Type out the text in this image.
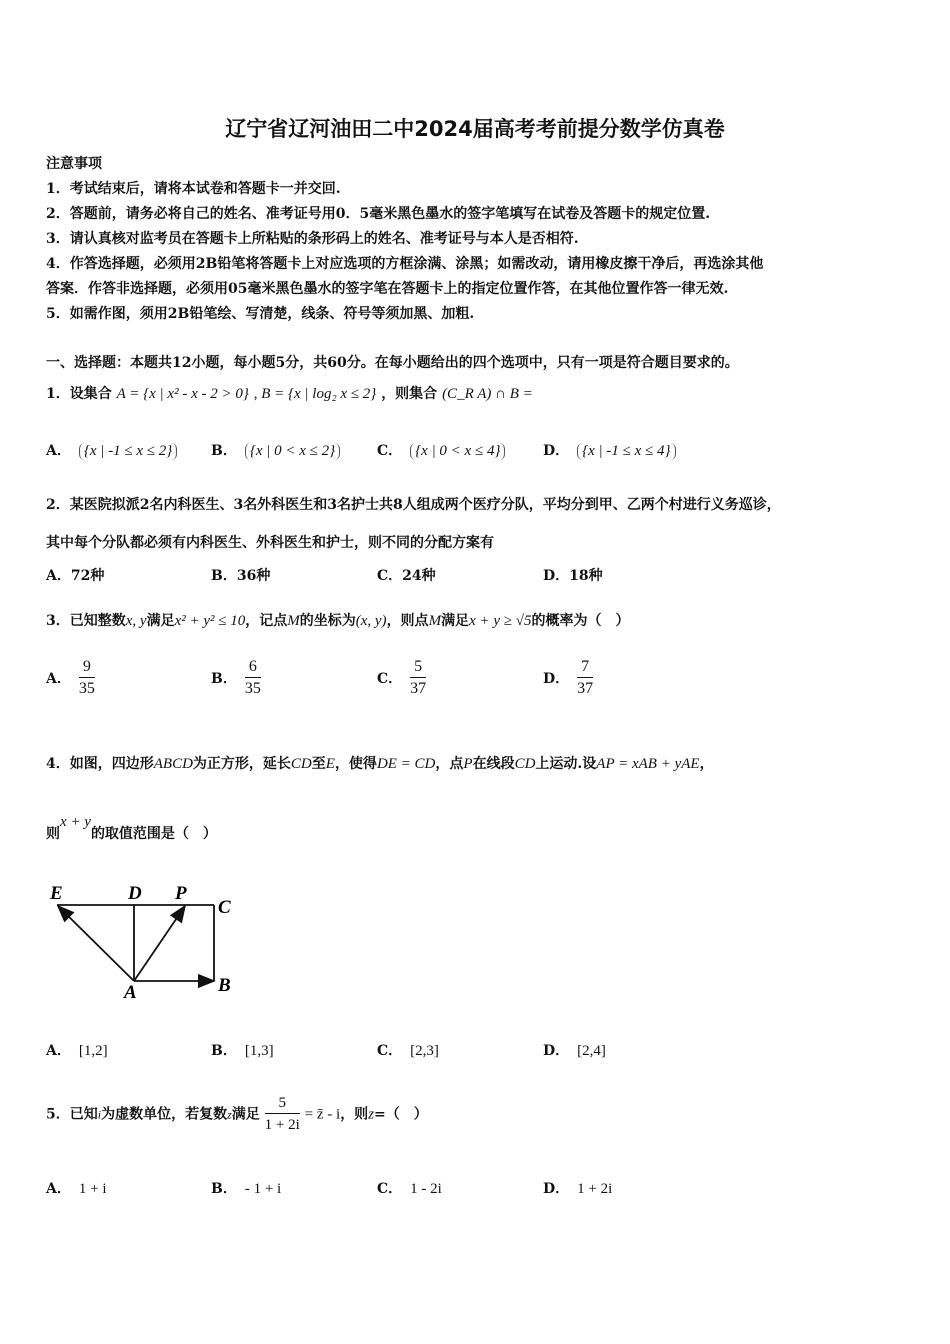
辽宁省辽河油田二中2024届高考考前提分数学仿真卷
注意事项
1．考试结束后，请将本试卷和答题卡一并交回.
2．答题前，请务必将自己的姓名、准考证号用0．5毫米黑色墨水的签字笔填写在试卷及答题卡的规定位置.
3．请认真核对监考员在答题卡上所粘贴的条形码上的姓名、准考证号与本人是否相符.
4．作答选择题，必须用2B铅笔将答题卡上对应选项的方框涂满、涂黑；如需改动，请用橡皮擦干净后，再选涂其他
答案．作答非选择题，必须用05毫米黑色墨水的签字笔在答题卡上的指定位置作答，在其他位置作答一律无效.
5．如需作图，须用2B铅笔绘、写清楚，线条、符号等须加黑、加粗.
一、选择题：本题共12小题，每小题5分，共60分。在每小题给出的四个选项中，只有一项是符合题目要求的。
1．设集合 A = {x | x² - x - 2 > 0} , B = {x | log₂ x ≤ 2} ，则集合 (C_R A) ∩ B =
A． {x | -1 ≤ x ≤ 2}	B． {x | 0 < x ≤ 2}	C． {x | 0 < x ≤ 4}	D． {x | -1 ≤ x ≤ 4}
2．某医院拟派2名内科医生、3名外科医生和3名护士共8人组成两个医疗分队，平均分到甲、乙两个村进行义务巡诊，
其中每个分队都必须有内科医生、外科医生和护士，则不同的分配方案有
A．72种	B．36种	C．24种	D．18种
3．已知整数x, y满足x² + y² ≤ 10，记点M的坐标为(x, y)，则点M满足x + y ≥ √5的概率为（　）
A． $\frac{9}{35}$	B． $\frac{6}{35}$	C． $\frac{5}{37}$	D． $\frac{7}{37}$
4．如图，四边形ABCD为正方形，延长CD至E，使得DE = CD，点P在线段CD上运动.设AP = xAB + yAE，
则x + y的取值范围是（　）
E	D P
C
A	B
A． [1,2]	B． [1,3]	C． [2,3]	D． [2,4]
5．已知i为虚数单位，若复数z满足 $\frac{5}{1 + 2i}$ = z̄ - i，则z=（　）
A． 1 + i	B． - 1 + i	C． 1 - 2i	D． 1 + 2i
